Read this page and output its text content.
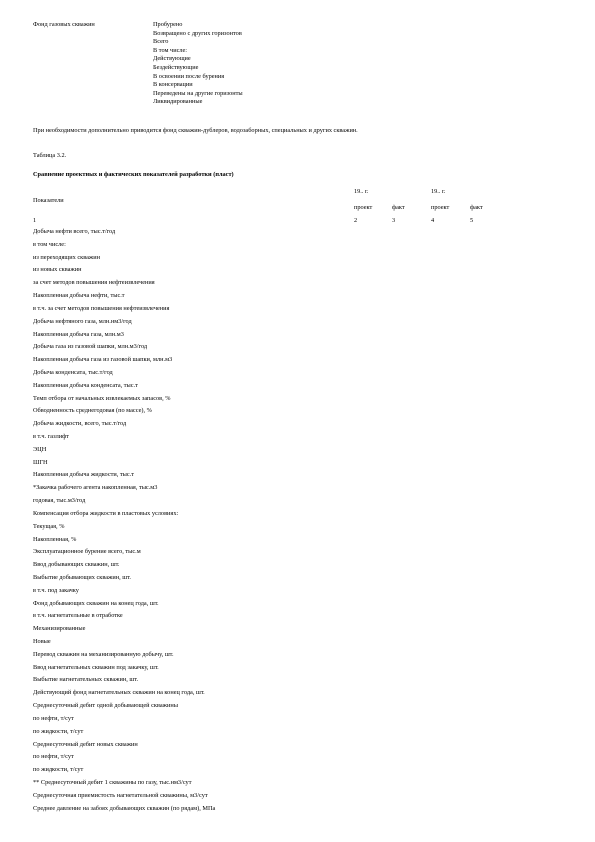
Фонд газовых скважин	Пробурено
Возвращено с других горизонтов
Всего
В том числе:
Действующие
Бездействующие
В освоении после бурения
В консервации
Переведены на другие горизонты
Ликвидированные
При необходимости дополнительно приводится фонд скважин-дублеров, водозаборных, специальных и других скважин.
Таблица 3.2.
Сравнение проектных и фактических показателей разработки (пласт)
Показатели
19.. г.	19.. г.
проект	факт	проект	факт
1	2	3	4	5
Добыча нефти всего, тыс.т/год
в том числе:
из переходящих скважин
из новых скважин
за счет методов повышения нефтеизвлечения
Накопленная добыча нефти, тыс.т
в т.ч. за счет методов повышения нефтеизвлечения
Добыча нефтяного газа, млн.нм3/год
Накопленная добыча газа, млн.м3
Добыча газа из газовой шапки, млн.м3/год
Накопленная добыча газа из газовой шапки, млн.м3
Добыча конденсата, тыс.т/год
Накопленная добыча конденсата, тыс.т
Темп отбора от начальных извлекаемых запасов, %
Обводненность среднегодовая (по массе), %
Добыча жидкости, всего, тыс.т/год
в т.ч. газлифт
ЭЦН
ШГН
Накопленная добыча жидкости, тыс.т
*Закачка рабочего агента накопленная, тыс.м3
годовая, тыс.м3/год
Компенсация отбора жидкости в пластовых условиях:
Текущая, %
Накопленная, %
Эксплуатационное бурение всего, тыс.м
Ввод добывающих скважин, шт.
Выбытие добывающих скважин, шт.
в т.ч. под закачку
Фонд добывающих скважин на конец года, шт.
в т.ч. нагнетательные в отработке
Механизированные
Новые
Перевод скважин на механизированную добычу, шт.
Ввод нагнетательных скважин под закачку, шт.
Выбытие нагнетательных скважин, шт.
Действующий фонд нагнетательных скважин на конец года, шт.
Среднесуточный дебит одной добывающей скважины
по нефти, т/сут
по жидкости, т/сут
Среднесуточный дебит новых скважин
по нефти, т/сут
по жидкости, т/сут
** Среднесуточный дебит 1 скважины по газу, тыс.нм3/сут
Среднесуточная приемистость нагнетательной скважины, м3/сут
Среднее давление на забоях добывающих скважин (по рядам), МПа
